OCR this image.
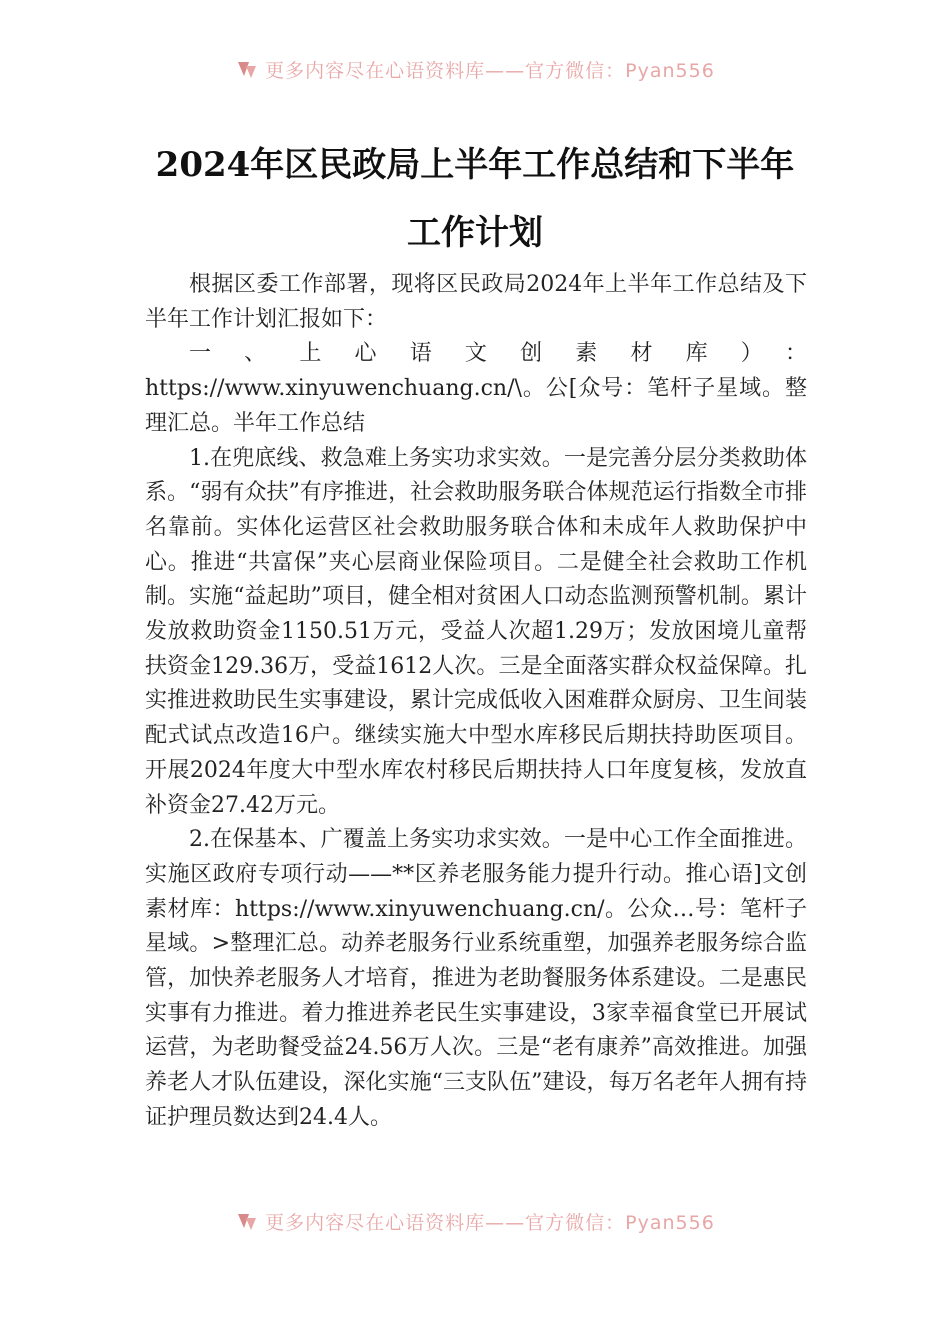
更多内容尽在心语资料库——官方微信：Pyan556
2024年区民政局上半年工作总结和下半年
工作计划

根据区委工作部署，现将区民政局2024年上半年工作总结及下半年工作计划汇报如下：

一、上心语文创素材库）：https://www.xinyuwenchuang.cn/\。公[众号：笔杆子星域。整理汇总。半年工作总结

1.在兜底线、救急难上务实功求实效。一是完善分层分类救助体系。“弱有众扶”有序推进，社会救助服务联合体规范运行指数全市排名靠前。实体化运营区社会救助服务联合体和未成年人救助保护中心。推进“共富保”夹心层商业保险项目。二是健全社会救助工作机制。实施“益起助”项目，健全相对贫困人口动态监测预警机制。累计发放救助资金1150.51万元，受益人次超1.29万；发放困境儿童帮扶资金129.36万，受益1612人次。三是全面落实群众权益保障。扎实推进救助民生实事建设，累计完成低收入困难群众厨房、卫生间装配式试点改造16户。继续实施大中型水库移民后期扶持助医项目。开展2024年度大中型水库农村移民后期扶持人口年度复核，发放直补资金27.42万元。

2.在保基本、广覆盖上务实功求实效。一是中心工作全面推进。实施区政府专项行动——**区养老服务能力提升行动。推心语]文创素材库：https://www.xinyuwenchuang.cn/。公众…号：笔杆子星域。>整理汇总。动养老服务行业系统重塑，加强养老服务综合监管，加快养老服务人才培育，推进为老助餐服务体系建设。二是惠民实事有力推进。着力推进养老民生实事建设，3家幸福食堂已开展试运营，为老助餐受益24.56万人次。三是“老有康养”高效推进。加强养老人才队伍建设，深化实施“三支队伍”建设，每万名老年人拥有持证护理员数达到24.4人。

更多内容尽在心语资料库——官方微信：Pyan556
